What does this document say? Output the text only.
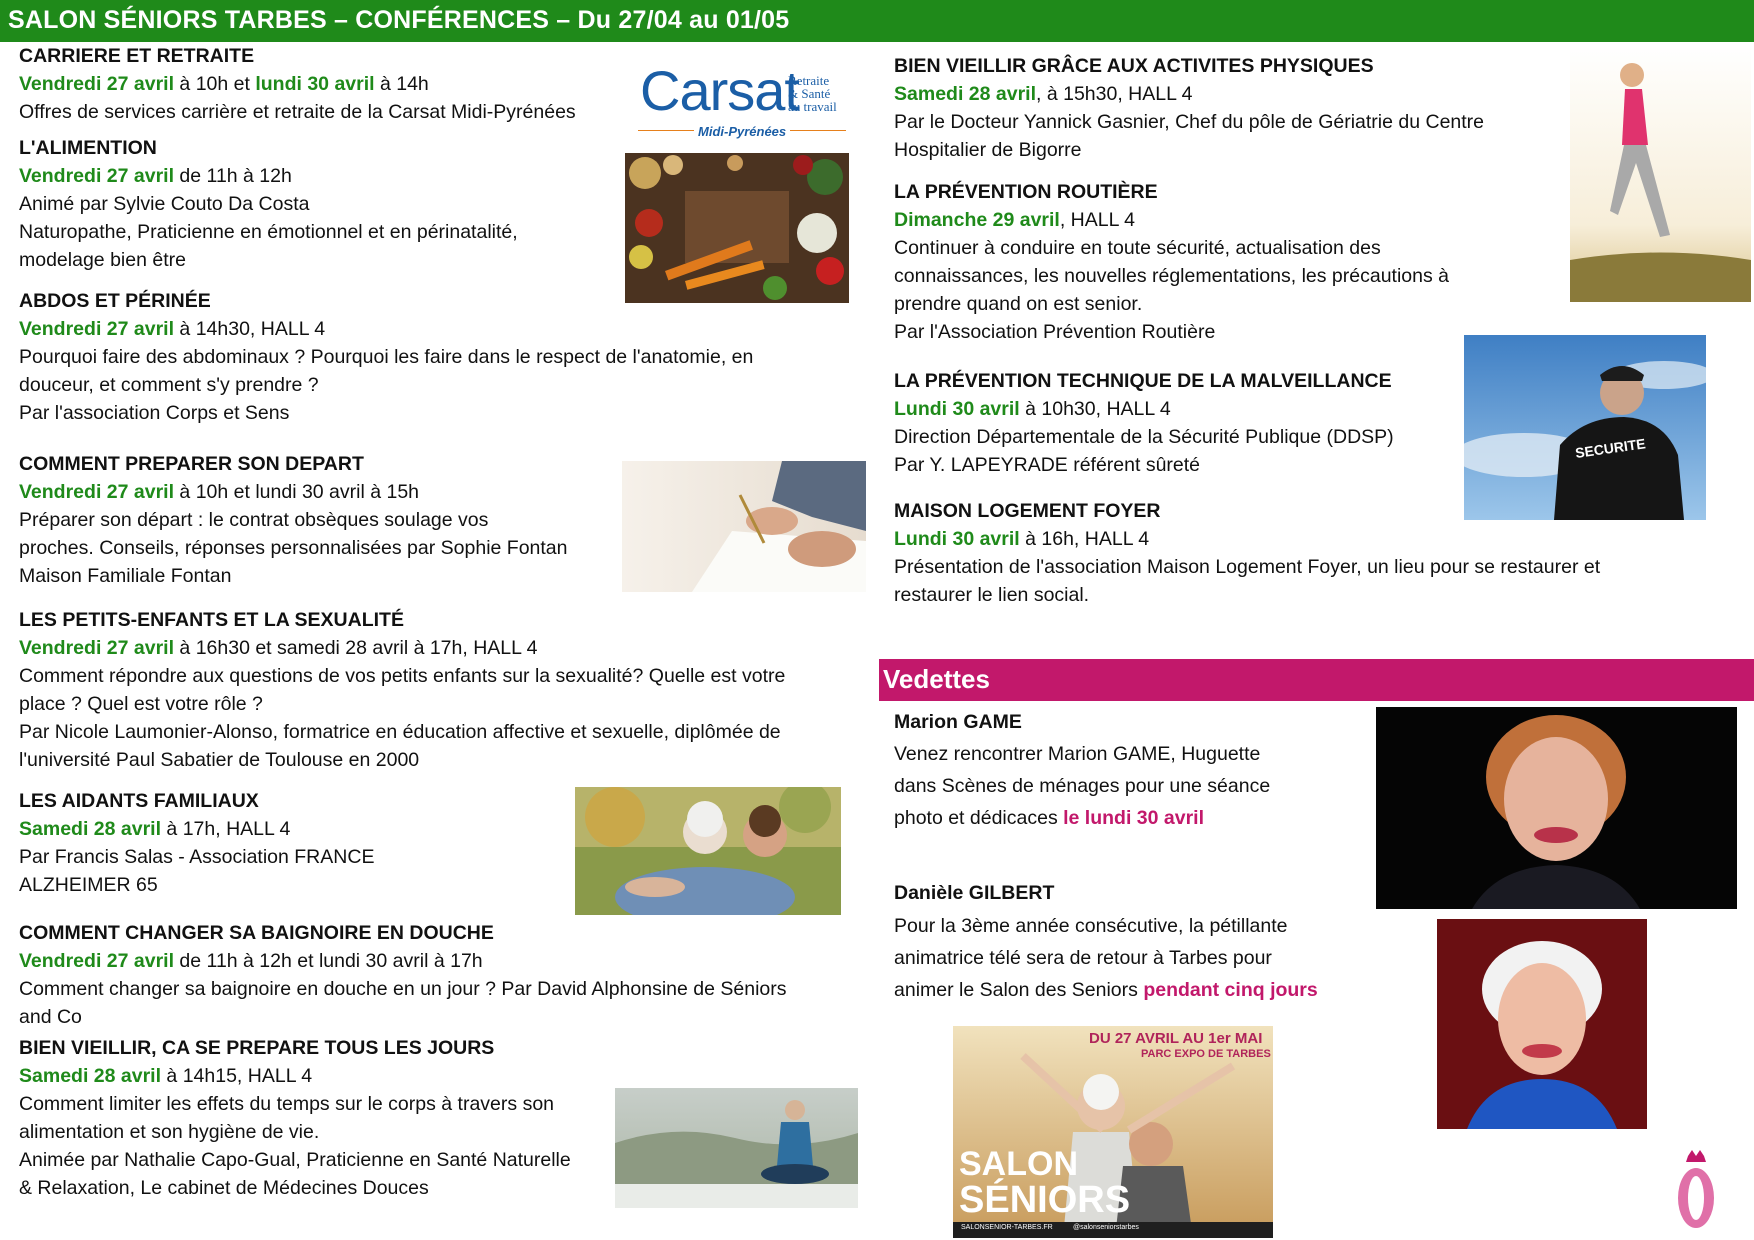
SALON SÉNIORS TARBES – CONFÉRENCES – Du 27/04 au 01/05
CARRIERE ET RETRAITE
Vendredi 27 avril à 10h et lundi 30 avril à 14h
Offres de services carrière et retraite de la Carsat Midi-Pyrénées Carsat
Retraite
& Santé
au travail
Midi-Pyrénées
L'ALIMENTION
Vendredi 27 avril de 11h à 12h
Animé par Sylvie Couto Da Costa
Naturopathe, Praticienne en émotionnel et en périnatalité,
modelage bien être
ABDOS ET PÉRINÉE
Vendredi 27 avril à 14h30, HALL 4
Pourquoi faire des abdominaux ? Pourquoi les faire dans le respect de l'anatomie, en
douceur, et comment s'y prendre ?
Par l'association Corps et Sens
COMMENT PREPARER SON DEPART
Vendredi 27 avril à 10h et lundi 30 avril à 15h
Préparer son départ : le contrat obsèques soulage vos
proches. Conseils, réponses personnalisées par Sophie Fontan
Maison Familiale Fontan
LES PETITS-ENFANTS ET LA SEXUALITÉ
Vendredi 27 avril à 16h30 et samedi 28 avril à 17h, HALL 4
Comment répondre aux questions de vos petits enfants sur la sexualité? Quelle est votre
place ? Quel est votre rôle ?
Par Nicole Laumonier-Alonso, formatrice en éducation affective et sexuelle, diplômée de
l'université Paul Sabatier de Toulouse en 2000
LES AIDANTS FAMILIAUX
Samedi 28 avril à 17h, HALL 4
Par Francis Salas - Association FRANCE
ALZHEIMER 65
COMMENT CHANGER SA BAIGNOIRE EN DOUCHE
Vendredi 27 avril de 11h à 12h et lundi 30 avril à 17h
Comment changer sa baignoire en douche en un jour ? Par David Alphonsine de Séniors
and Co
BIEN VIEILLIR, CA SE PREPARE TOUS LES JOURS
Samedi 28 avril à 14h15, HALL 4
Comment limiter les effets du temps sur le corps à travers son
alimentation et son hygiène de vie.
Animée par Nathalie Capo-Gual, Praticienne en Santé Naturelle
& Relaxation, Le cabinet de Médecines Douces
BIEN VIEILLIR GRÂCE AUX ACTIVITES PHYSIQUES
Samedi 28 avril, à 15h30, HALL 4
Par le Docteur Yannick Gasnier, Chef du pôle de Gériatrie du Centre
Hospitalier de Bigorre
LA PRÉVENTION ROUTIÈRE
Dimanche 29 avril, HALL 4
Continuer à conduire en toute sécurité, actualisation des
connaissances, les nouvelles réglementations, les précautions à
prendre quand on est senior.
Par l'Association Prévention Routière
SECURITE
LA PRÉVENTION TECHNIQUE DE LA MALVEILLANCE
Lundi 30 avril à 10h30, HALL 4
Direction Départementale de la Sécurité Publique (DDSP)
Par Y. LAPEYRADE référent sûreté
MAISON LOGEMENT FOYER
Lundi 30 avril à 16h, HALL 4
Présentation de l'association Maison Logement Foyer, un lieu pour se restaurer et
restaurer le lien social.
Vedettes
Marion GAME
Venez rencontrer Marion GAME, Huguette
dans Scènes de ménages pour une séance
photo et dédicaces le lundi 30 avril
Danièle GILBERT
Pour la 3ème année consécutive, la pétillante
animatrice télé sera de retour à Tarbes pour
animer le Salon des Seniors pendant cinq jours
DU 27 AVRIL AU 1er MAI
PARC EXPO DE TARBES
SALON
SÉNIORS
SALONSENIOR-TARBES.FR	@salonseniorstarbes
